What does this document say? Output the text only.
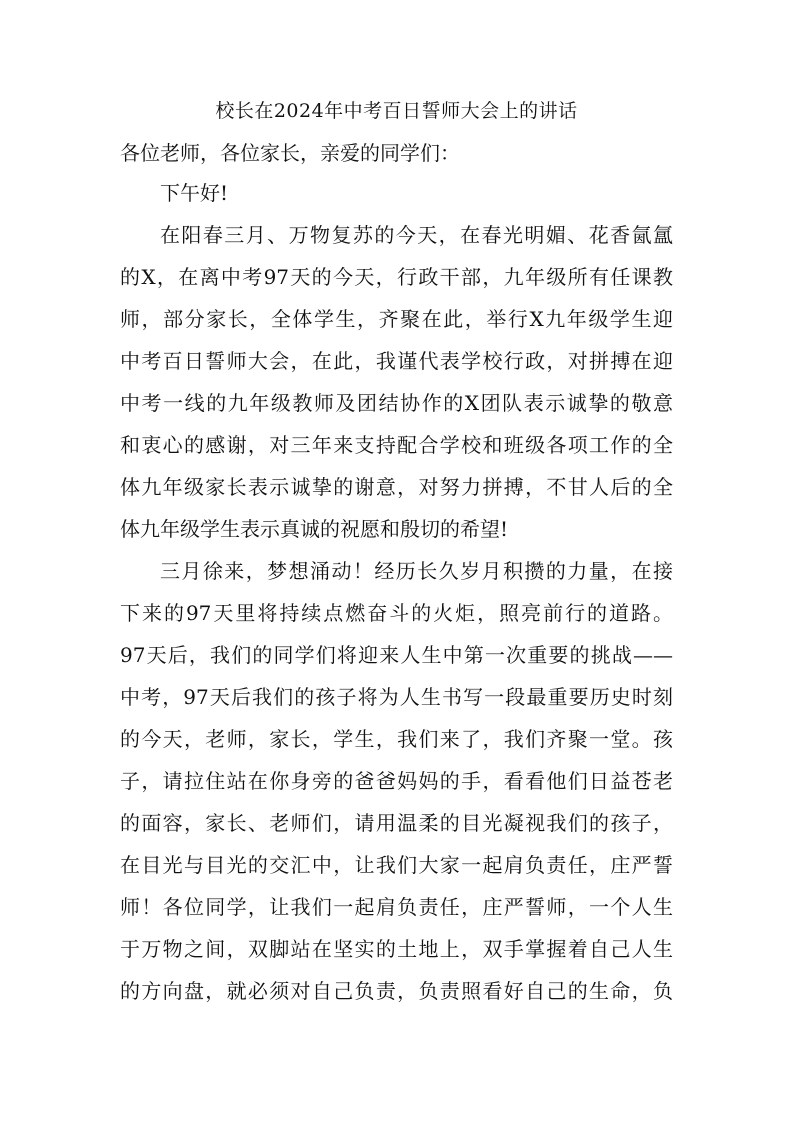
校长在2024年中考百日誓师大会上的讲话
各位老师，各位家长，亲爱的同学们：
下午好!
在阳春三月、万物复苏的今天，在春光明媚、花香氤氲
的X，在离中考97天的今天，行政干部，九年级所有任课教
师，部分家长，全体学生，齐聚在此，举行X九年级学生迎
中考百日誓师大会，在此，我谨代表学校行政，对拼搏在迎
中考一线的九年级教师及团结协作的X团队表示诚挚的敬意
和衷心的感谢，对三年来支持配合学校和班级各项工作的全
体九年级家长表示诚挚的谢意，对努力拼搏，不甘人后的全
体九年级学生表示真诚的祝愿和殷切的希望!
三月徐来，梦想涌动！经历长久岁月积攒的力量，在接
下来的97天里将持续点燃奋斗的火炬，照亮前行的道路。
97天后，我们的同学们将迎来人生中第一次重要的挑战——
中考，97天后我们的孩子将为人生书写一段最重要历史时刻
的今天，老师，家长，学生，我们来了，我们齐聚一堂。孩
子，请拉住站在你身旁的爸爸妈妈的手，看看他们日益苍老
的面容，家长、老师们，请用温柔的目光凝视我们的孩子，
在目光与目光的交汇中，让我们大家一起肩负责任，庄严誓
师！各位同学，让我们一起肩负责任，庄严誓师，一个人生
于万物之间，双脚站在坚实的土地上，双手掌握着自己人生
的方向盘，就必须对自己负责，负责照看好自己的生命，负
